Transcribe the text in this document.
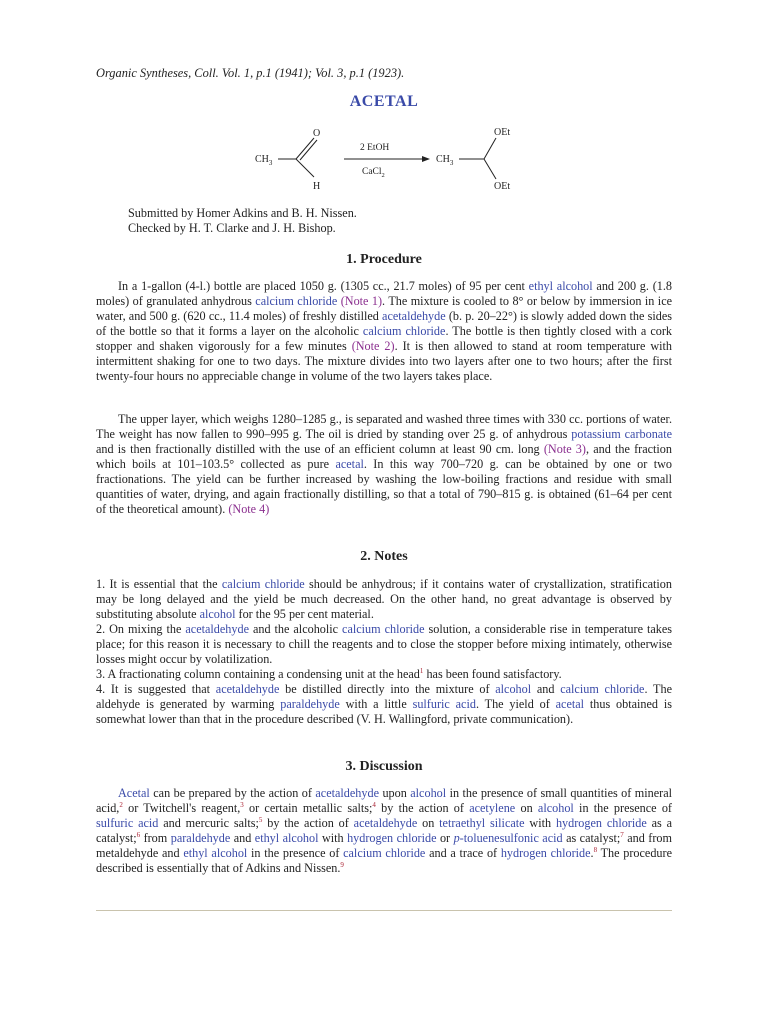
Organic Syntheses, Coll. Vol. 1, p.1 (1941); Vol. 3, p.1 (1923).
ACETAL
$CH_3$
O
H
2 EtOH
CaCl$_2$
$CH_3$
OEt
OEt
Submitted by Homer Adkins and B. H. Nissen.
Checked by H. T. Clarke and J. H. Bishop.
1. Procedure

In a 1-gallon (4-l.) bottle are placed 1050 g. (1305 cc., 21.7 moles) of 95 per cent ethyl alcohol and 200 g. (1.8 moles) of granulated anhydrous calcium chloride (Note 1). The mixture is cooled to 8° or below by immersion in ice water, and 500 g. (620 cc., 11.4 moles) of freshly distilled acetaldehyde (b. p. 20–22°) is slowly added down the sides of the bottle so that it forms a layer on the alcoholic calcium chloride. The bottle is then tightly closed with a cork stopper and shaken vigorously for a few minutes (Note 2). It is then allowed to stand at room temperature with intermittent shaking for one to two days. The mixture divides into two layers after one to two hours; after the first twenty-four hours no appreciable change in volume of the two layers takes place.

The upper layer, which weighs 1280–1285 g., is separated and washed three times with 330 cc. portions of water. The weight has now fallen to 990–995 g. The oil is dried by standing over 25 g. of anhydrous potassium carbonate and is then fractionally distilled with the use of an efficient column at least 90 cm. long (Note 3), and the fraction which boils at 101–103.5° collected as pure acetal. In this way 700–720 g. can be obtained by one or two fractionations. The yield can be further increased by washing the low-boiling fractions and residue with small quantities of water, drying, and again fractionally distilling, so that a total of 790–815 g. is obtained (61–64 per cent of the theoretical amount). (Note 4)

2. Notes

1. It is essential that the calcium chloride should be anhydrous; if it contains water of crystallization, stratification may be long delayed and the yield be much decreased. On the other hand, no great advantage is observed by substituting absolute alcohol for the 95 per cent material.

2. On mixing the acetaldehyde and the alcoholic calcium chloride solution, a considerable rise in temperature takes place; for this reason it is necessary to chill the reagents and to close the stopper before mixing intimately, otherwise losses might occur by volatilization.

3. A fractionating column containing a condensing unit at the head$^1$ has been found satisfactory.

4. It is suggested that acetaldehyde be distilled directly into the mixture of alcohol and calcium chloride. The aldehyde is generated by warming paraldehyde with a little sulfuric acid. The yield of acetal thus obtained is somewhat lower than that in the procedure described (V. H. Wallingford, private communication).

3. Discussion

Acetal can be prepared by the action of acetaldehyde upon alcohol in the presence of small quantities of mineral acid,$^2$ or Twitchell's reagent,$^3$ or certain metallic salts;$^4$ by the action of acetylene on alcohol in the presence of sulfuric acid and mercuric salts;$^5$ by the action of acetaldehyde on tetraethyl silicate with hydrogen chloride as a catalyst;$^6$ from paraldehyde and ethyl alcohol with hydrogen chloride or p-toluenesulfonic acid as catalyst;$^7$ and from metaldehyde and ethyl alcohol in the presence of calcium chloride and a trace of hydrogen chloride.$^8$ The procedure described is essentially that of Adkins and Nissen.$^9$
